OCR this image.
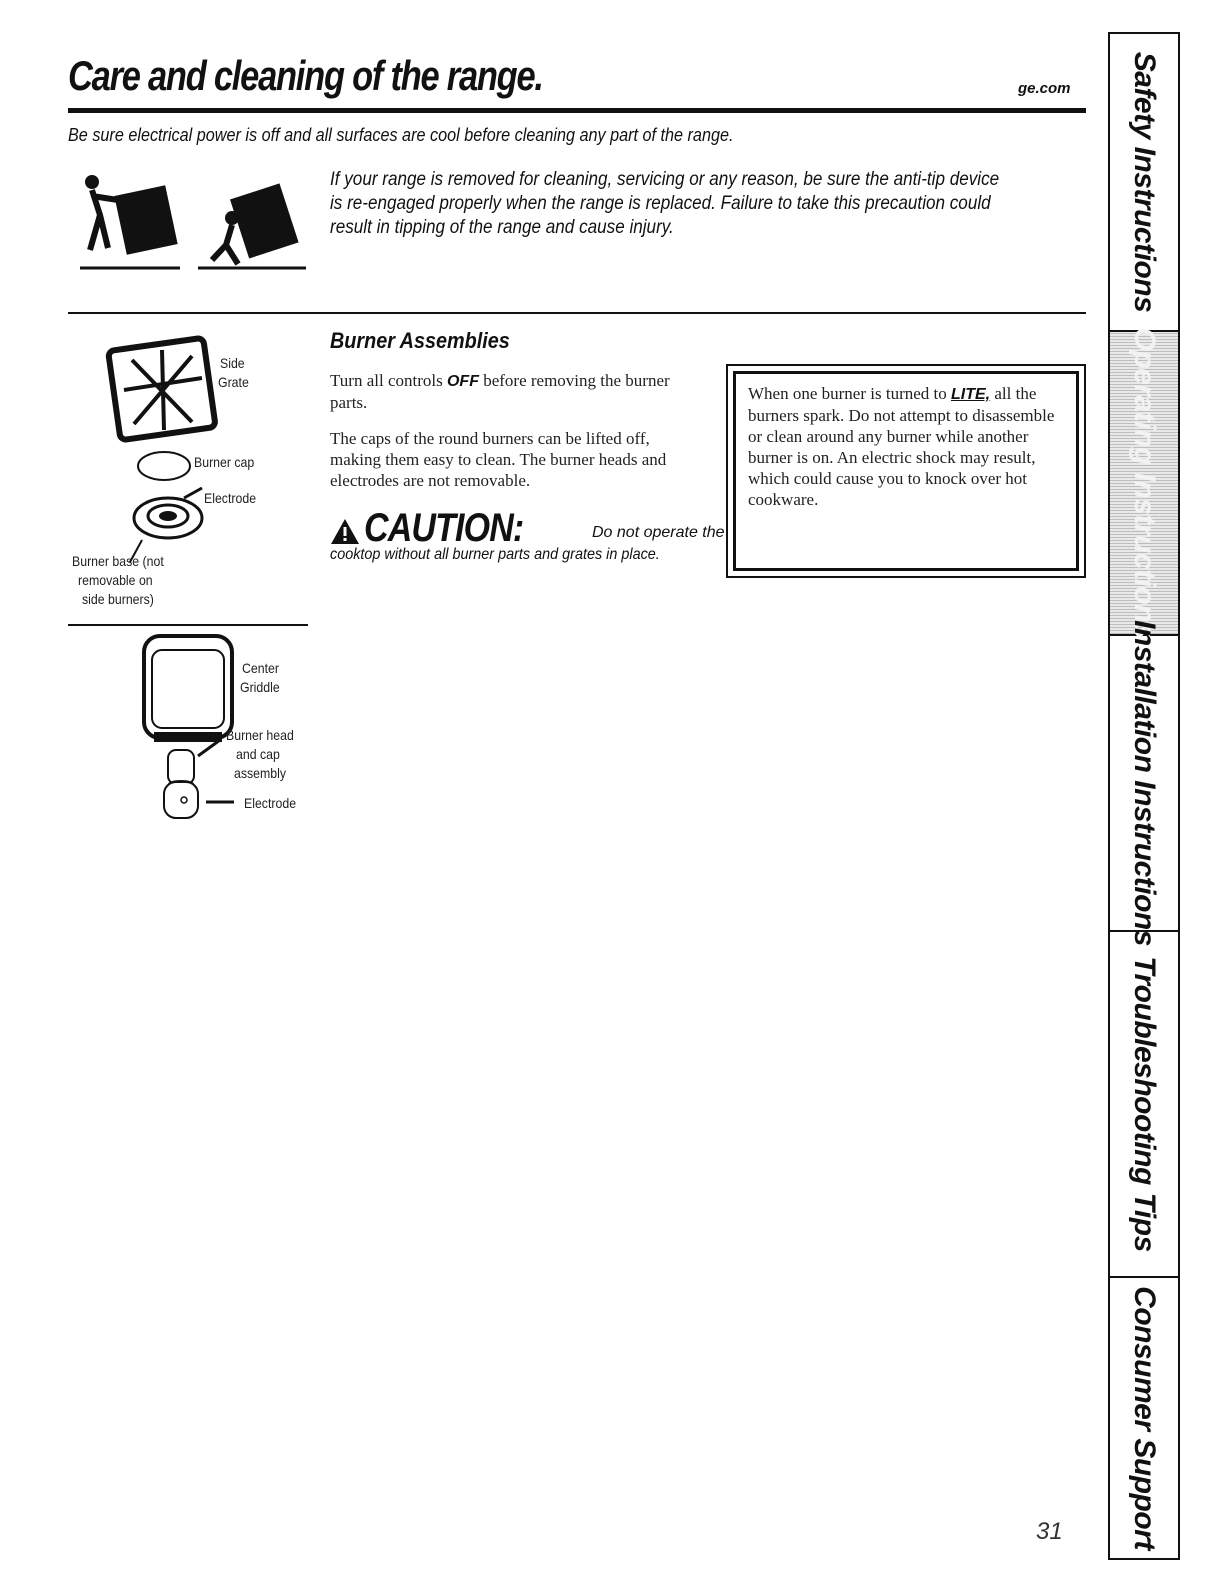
Care and cleaning of the range.	ge.com
Be sure electrical power is off and all surfaces are cool before cleaning any part of the range.
If your range is removed for cleaning, servicing or any reason, be sure the anti-tip device is re-engaged properly when the range is replaced. Failure to take this precaution could result in tipping of the range and cause injury.
Side
Grate
Burner cap
Electrode
Burner base (not
removable on
side burners)
Center
Griddle
Burner head
and cap
assembly
Electrode
Burner Assemblies
Turn all controls OFF before removing the burner parts.
The caps of the round burners can be lifted off, making them easy to clean. The burner heads and electrodes are not removable.
CAUTION:	Do not operate the
cooktop without all burner parts and grates in place.
When one burner is turned to LITE, all the burners spark. Do not attempt to disassemble or clean around any burner while another burner is on. An electric shock may result, which could cause you to knock over hot cookware.
Safety Instructions
Operating Instructions
Installation Instructions
Troubleshooting Tips
Consumer Support
31
